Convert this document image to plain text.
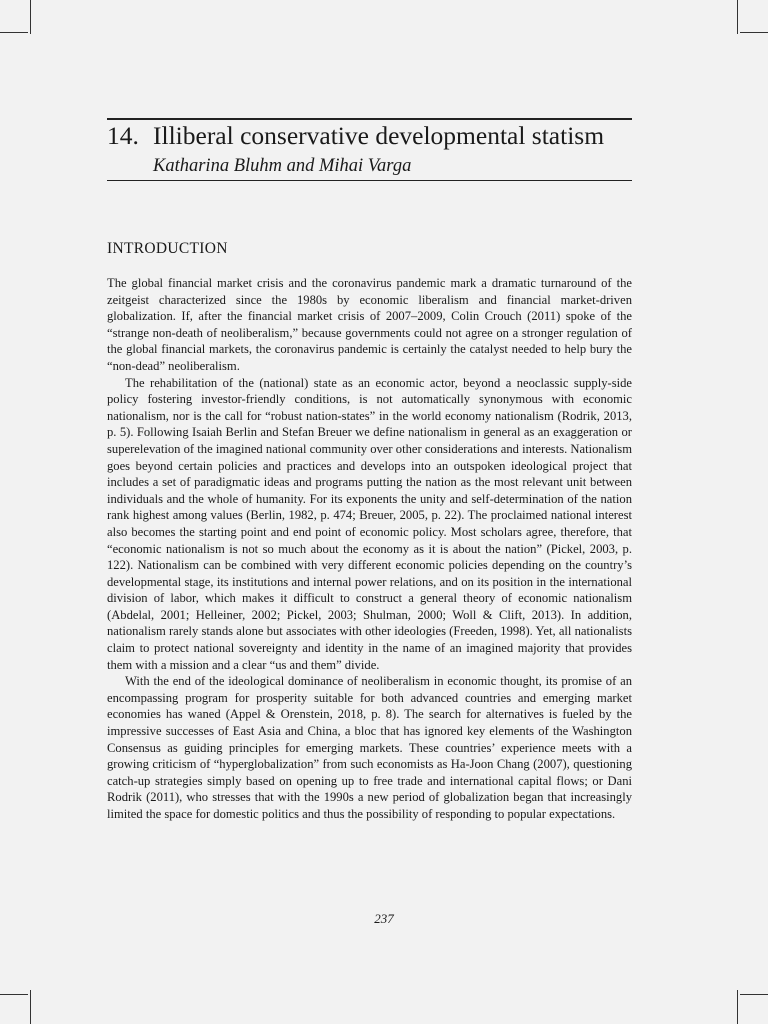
14. Illiberal conservative developmental statism
Katharina Bluhm and Mihai Varga
INTRODUCTION

The global financial market crisis and the coronavirus pandemic mark a dramatic turnaround of the zeitgeist characterized since the 1980s by economic liberalism and financial market-driven globalization. If, after the financial market crisis of 2007–2009, Colin Crouch (2011) spoke of the “strange non-death of neoliberalism,” because governments could not agree on a stronger regulation of the global financial markets, the coronavirus pandemic is certainly the catalyst needed to help bury the “non-dead” neoliberalism.

The rehabilitation of the (national) state as an economic actor, beyond a neoclassic supply-side policy fostering investor-friendly conditions, is not automatically synonymous with economic nationalism, nor is the call for “robust nation-states” in the world economy nationalism (Rodrik, 2013, p. 5). Following Isaiah Berlin and Stefan Breuer we define nationalism in general as an exaggeration or superelevation of the imagined national community over other considerations and interests. Nationalism goes beyond certain policies and practices and develops into an outspoken ideological project that includes a set of paradigmatic ideas and programs putting the nation as the most relevant unit between individuals and the whole of humanity. For its exponents the unity and self-determination of the nation rank highest among values (Berlin, 1982, p. 474; Breuer, 2005, p. 22). The proclaimed national interest also becomes the starting point and end point of economic policy. Most scholars agree, therefore, that “economic nationalism is not so much about the economy as it is about the nation” (Pickel, 2003, p. 122). Nationalism can be combined with very different economic policies depending on the country’s developmental stage, its institutions and internal power relations, and on its position in the international division of labor, which makes it difficult to construct a general theory of economic nationalism (Abdelal, 2001; Helleiner, 2002; Pickel, 2003; Shulman, 2000; Woll & Clift, 2013). In addition, nationalism rarely stands alone but associates with other ideologies (Freeden, 1998). Yet, all nationalists claim to protect national sovereignty and identity in the name of an imagined majority that provides them with a mission and a clear “us and them” divide.

With the end of the ideological dominance of neoliberalism in economic thought, its promise of an encompassing program for prosperity suitable for both advanced countries and emerging market economies has waned (Appel & Orenstein, 2018, p. 8). The search for alternatives is fueled by the impressive successes of East Asia and China, a bloc that has ignored key elements of the Washington Consensus as guiding principles for emerging markets. These countries’ experience meets with a growing criticism of “hyperglobalization” from such economists as Ha-Joon Chang (2007), questioning catch-up strategies simply based on opening up to free trade and international capital flows; or Dani Rodrik (2011), who stresses that with the 1990s a new period of globalization began that increasingly limited the space for domestic politics and thus the possibility of responding to popular expectations.

237
